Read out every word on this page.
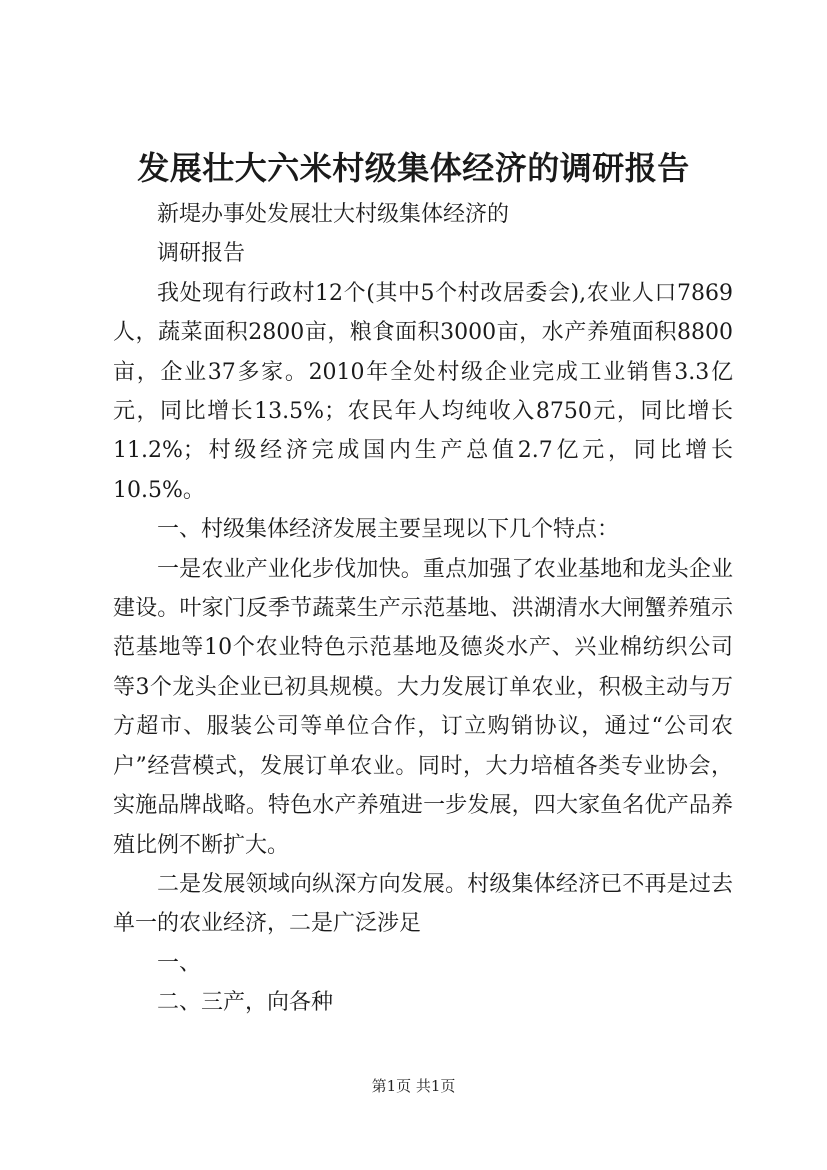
发展壮大六米村级集体经济的调研报告

新堤办事处发展壮大村级集体经济的

调研报告

我处现有行政村12个(其中5个村改居委会),农业人口7869人，蔬菜面积2800亩，粮食面积3000亩，水产养殖面积8800亩，企业37多家。2010年全处村级企业完成工业销售3.3亿元，同比增长13.5%；农民年人均纯收入8750元，同比增长11.2%；村级经济完成国内生产总值2.7亿元，同比增长10.5%。

一、村级集体经济发展主要呈现以下几个特点：

一是农业产业化步伐加快。重点加强了农业基地和龙头企业建设。叶家门反季节蔬菜生产示范基地、洪湖清水大闸蟹养殖示范基地等10个农业特色示范基地及德炎水产、兴业棉纺织公司等3个龙头企业已初具规模。大力发展订单农业，积极主动与万方超市、服装公司等单位合作，订立购销协议，通过“公司农户”经营模式，发展订单农业。同时，大力培植各类专业协会，实施品牌战略。特色水产养殖进一步发展，四大家鱼名优产品养殖比例不断扩大。

二是发展领域向纵深方向发展。村级集体经济已不再是过去单一的农业经济，二是广泛涉足

一、

二、三产，向各种

第1页 共1页
